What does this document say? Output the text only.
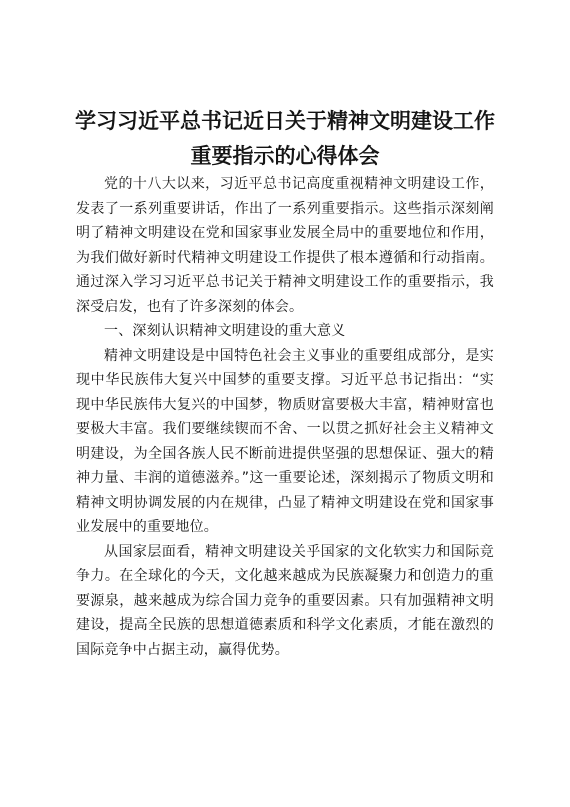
学习习近平总书记近日关于精神文明建设工作
重要指示的心得体会

党的十八大以来，习近平总书记高度重视精神文明建设工作，发表了一系列重要讲话，作出了一系列重要指示。这些指示深刻阐明了精神文明建设在党和国家事业发展全局中的重要地位和作用，为我们做好新时代精神文明建设工作提供了根本遵循和行动指南。通过深入学习习近平总书记关于精神文明建设工作的重要指示，我深受启发，也有了许多深刻的体会。

一、深刻认识精神文明建设的重大意义

精神文明建设是中国特色社会主义事业的重要组成部分，是实现中华民族伟大复兴中国梦的重要支撑。习近平总书记指出：“实现中华民族伟大复兴的中国梦，物质财富要极大丰富，精神财富也要极大丰富。我们要继续锲而不舍、一以贯之抓好社会主义精神文明建设，为全国各族人民不断前进提供坚强的思想保证、强大的精神力量、丰润的道德滋养。”这一重要论述，深刻揭示了物质文明和精神文明协调发展的内在规律，凸显了精神文明建设在党和国家事业发展中的重要地位。

从国家层面看，精神文明建设关乎国家的文化软实力和国际竞争力。在全球化的今天，文化越来越成为民族凝聚力和创造力的重要源泉，越来越成为综合国力竞争的重要因素。只有加强精神文明建设，提高全民族的思想道德素质和科学文化素质，才能在激烈的国际竞争中占据主动，赢得优势。
